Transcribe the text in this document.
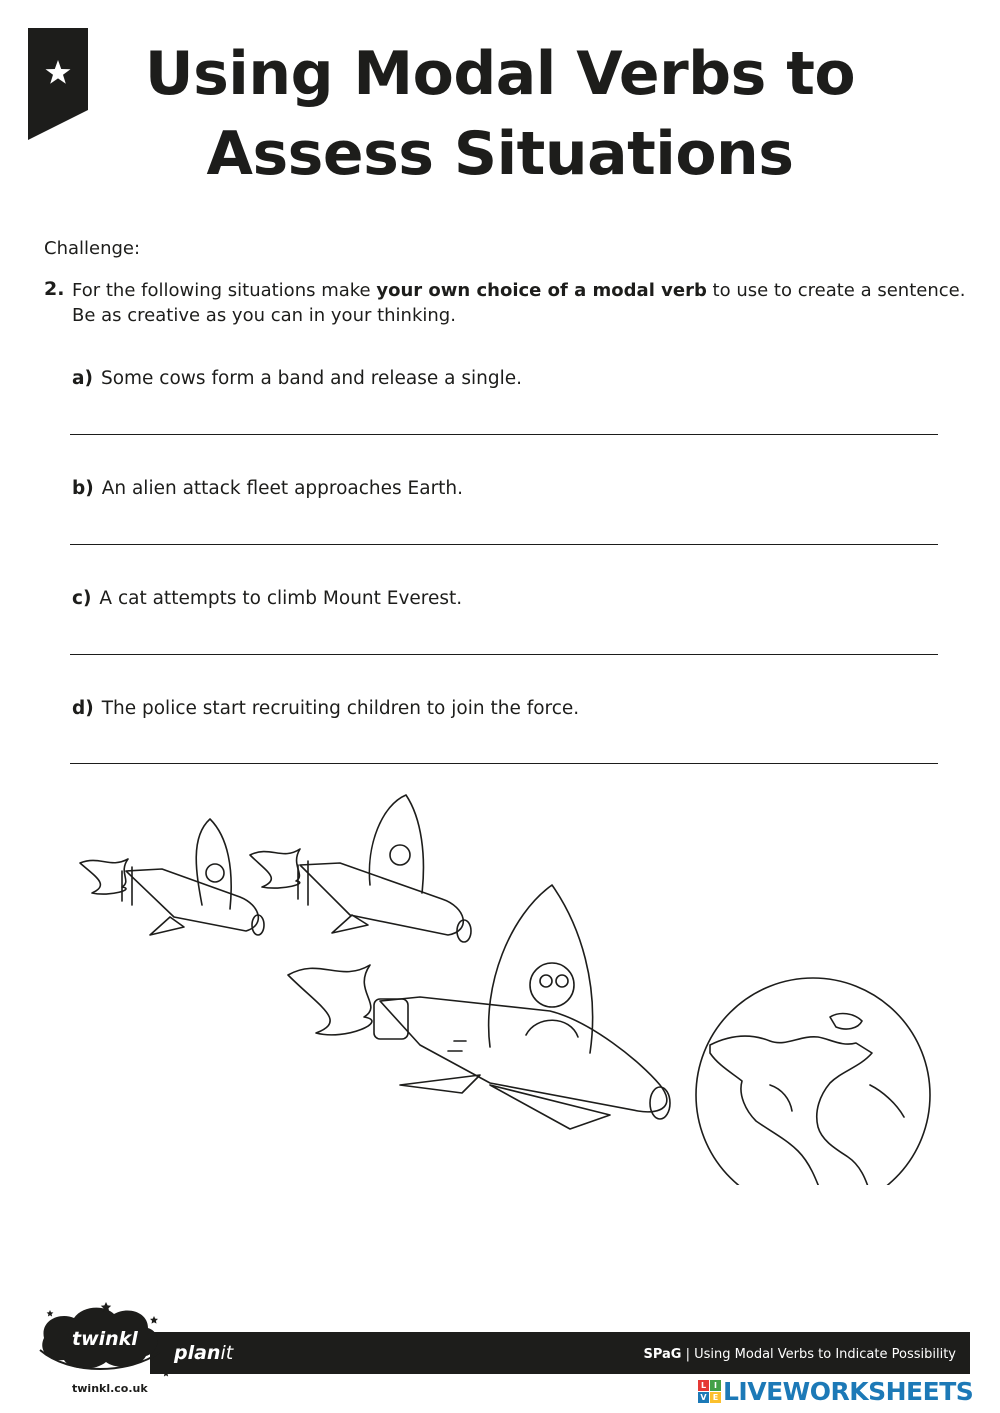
Using Modal Verbs to
Assess Situations
Challenge:
2. For the following situations make your own choice of a modal verb to use to create a sentence. Be as creative as you can in your thinking.
a) Some cows form a band and release a single.
b) An alien attack fleet approaches Earth.
c) A cat attempts to climb Mount Everest.
d) The police start recruiting children to join the force.
twinkl
twinkl.co.uk
planit	SPaG | Using Modal Verbs to Indicate Possibility
L I
V E LIVEWORKSHEETS
